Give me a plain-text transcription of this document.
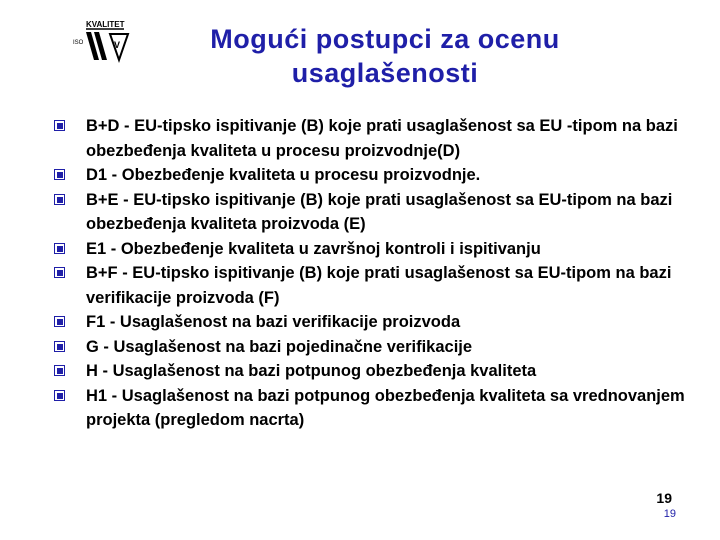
KVALITET
ISO	V	Mogući postupci za ocenu
usaglašenosti
B+D - EU-tipsko ispitivanje (B) koje prati usaglašenost sa EU -tipom na bazi obezbeđenja kvaliteta u procesu proizvodnje(D)
D1 - Obezbeđenje kvaliteta u procesu proizvodnje.
B+E - EU-tipsko ispitivanje (B) koje prati usaglašenost sa EU-tipom na bazi obezbeđenja kvaliteta proizvoda (E)
E1 - Obezbeđenje kvaliteta u završnoj kontroli i ispitivanju
B+F - EU-tipsko ispitivanje (B) koje prati usaglašenost sa EU-tipom na bazi verifikacije proizvoda (F)
F1 - Usaglašenost na bazi verifikacije proizvoda
G - Usaglašenost na bazi pojedinačne verifikacije
H - Usaglašenost na bazi potpunog obezbeđenja kvaliteta
H1 - Usaglašenost na bazi potpunog obezbeđenja kvaliteta sa vrednovanjem projekta (pregledom nacrta)
19
19
